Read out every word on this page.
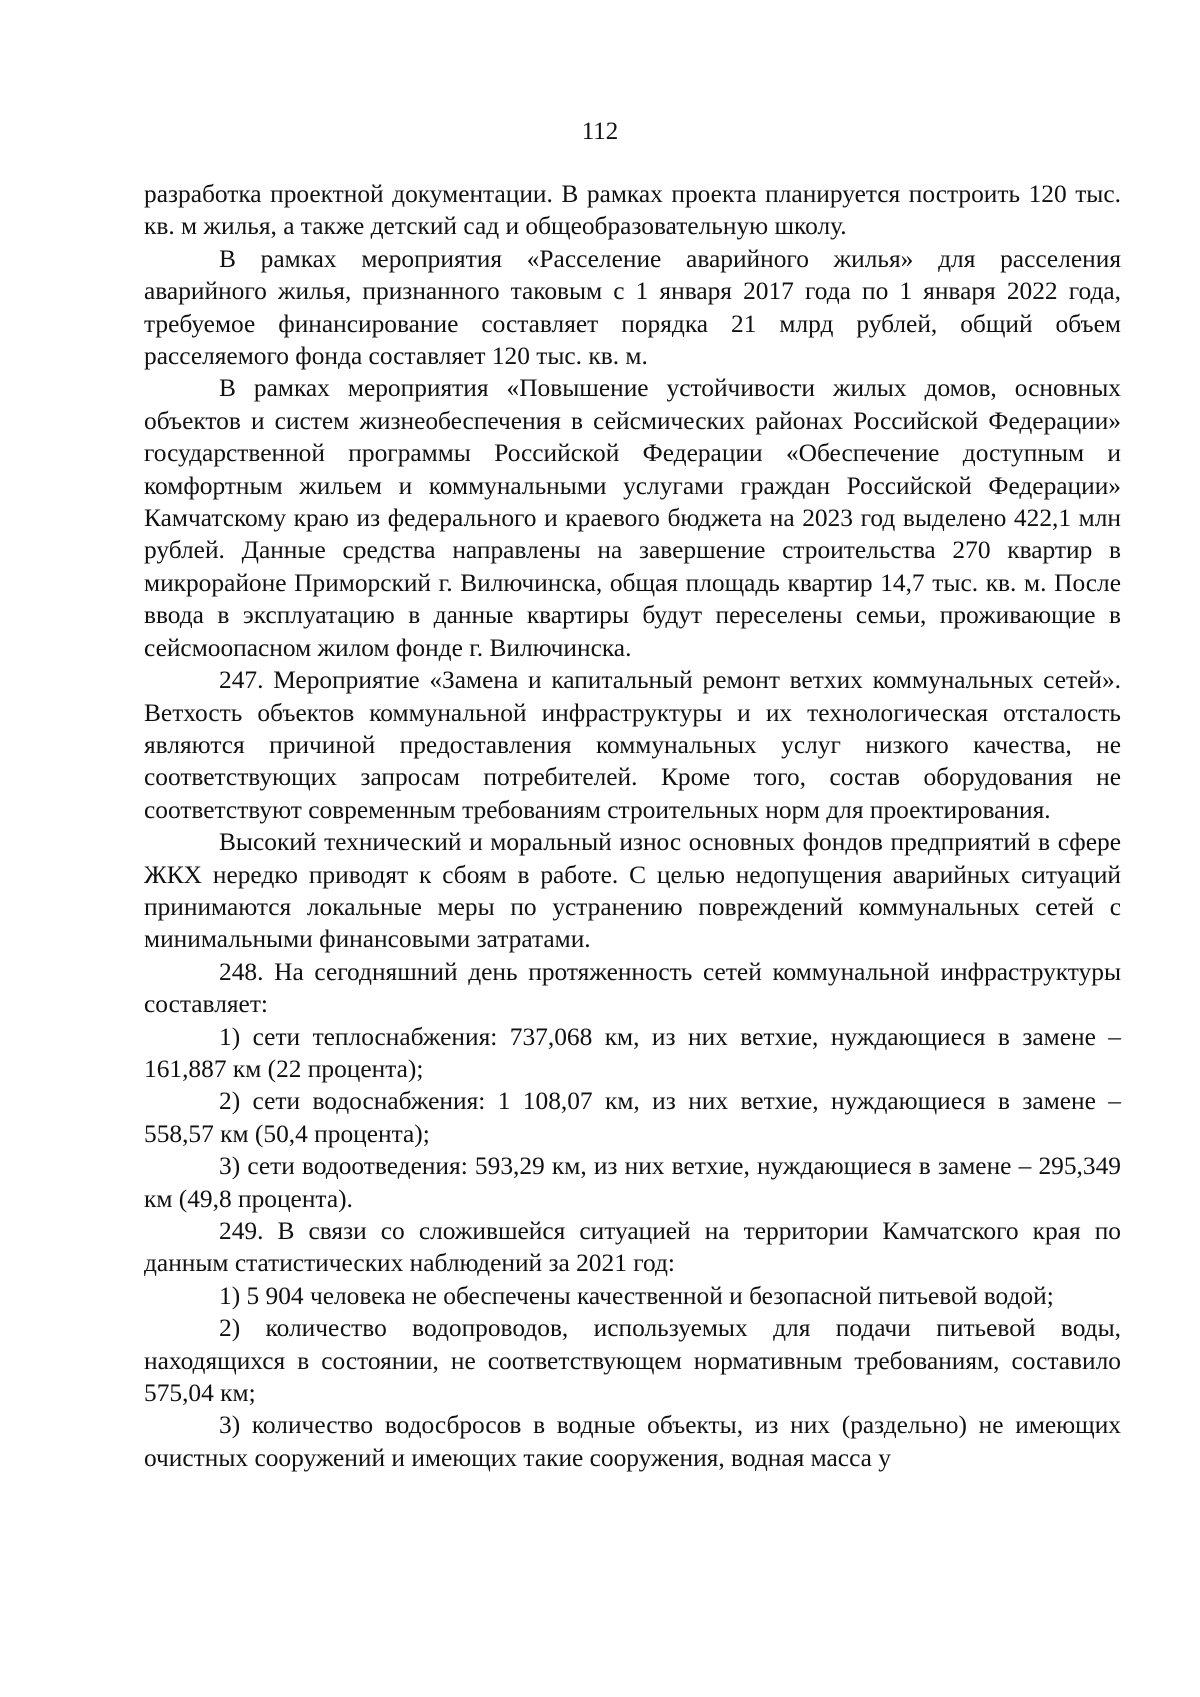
112

разработка проектной документации. В рамках проекта планируется построить 120 тыс. кв. м жилья, а также детский сад и общеобразовательную школу.

В рамках мероприятия «Расселение аварийного жилья» для расселения аварийного жилья, признанного таковым с 1 января 2017 года по 1 января 2022 года, требуемое финансирование составляет порядка 21 млрд рублей, общий объем расселяемого фонда составляет 120 тыс. кв. м.

В рамках мероприятия «Повышение устойчивости жилых домов, основных объектов и систем жизнеобеспечения в сейсмических районах Российской Федерации» государственной программы Российской Федерации «Обеспечение доступным и комфортным жильем и коммунальными услугами граждан Российской Федерации» Камчатскому краю из федерального и краевого бюджета на 2023 год выделено 422,1 млн рублей. Данные средства направлены на завершение строительства 270 квартир в микрорайоне Приморский г. Вилючинска, общая площадь квартир 14,7 тыс. кв. м. После ввода в эксплуатацию в данные квартиры будут переселены семьи, проживающие в сейсмоопасном жилом фонде г. Вилючинска.

247. Мероприятие «Замена и капитальный ремонт ветхих коммунальных сетей». Ветхость объектов коммунальной инфраструктуры и их технологическая отсталость являются причиной предоставления коммунальных услуг низкого качества, не соответствующих запросам потребителей. Кроме того, состав оборудования не соответствуют современным требованиям строительных норм для проектирования.

Высокий технический и моральный износ основных фондов предприятий в сфере ЖКХ нередко приводят к сбоям в работе. С целью недопущения аварийных ситуаций принимаются локальные меры по устранению повреждений коммунальных сетей с минимальными финансовыми затратами.

248. На сегодняшний день протяженность сетей коммунальной инфраструктуры составляет:

1) сети теплоснабжения: 737,068 км, из них ветхие, нуждающиеся в замене – 161,887 км (22 процента);

2) сети водоснабжения: 1 108,07 км, из них ветхие, нуждающиеся в замене – 558,57 км (50,4 процента);

3) сети водоотведения: 593,29 км, из них ветхие, нуждающиеся в замене – 295,349 км (49,8 процента).

249. В связи со сложившейся ситуацией на территории Камчатского края по данным статистических наблюдений за 2021 год:

1) 5 904 человека не обеспечены качественной и безопасной питьевой водой;

2) количество водопроводов, используемых для подачи питьевой воды, находящихся в состоянии, не соответствующем нормативным требованиям, составило 575,04 км;

3) количество водосбросов в водные объекты, из них (раздельно) не имеющих очистных сооружений и имеющих такие сооружения, водная масса у
